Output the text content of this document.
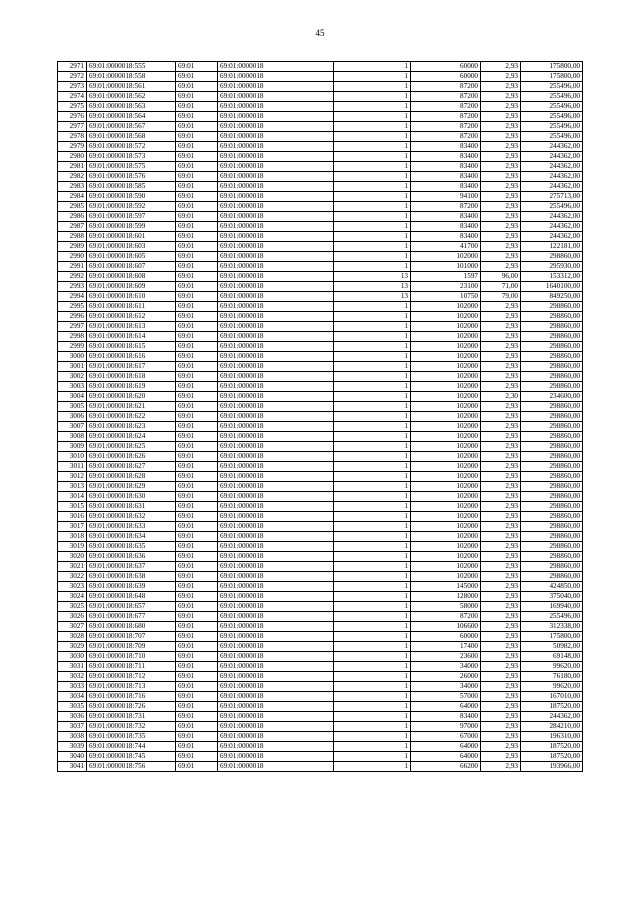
45
2971	69:01:0000018:555	69:01	69:01:0000018	1	60000	2,93	175800,00
2972	69:01:0000018:558	69:01	69:01:0000018	1	60000	2,93	175800,00
2973	69:01:0000018:561	69:01	69:01:0000018	1	87200	2,93	255496,00
2974	69:01:0000018:562	69:01	69:01:0000018	1	87200	2,93	255496,00
2975	69:01:0000018:563	69:01	69:01:0000018	1	87200	2,93	255496,00
2976	69:01:0000018:564	69:01	69:01:0000018	1	87200	2,93	255496,00
2977	69:01:0000018:567	69:01	69:01:0000018	1	87200	2,93	255496,00
2978	69:01:0000018:568	69:01	69:01:0000018	1	87200	2,93	255496,00
2979	69:01:0000018:572	69:01	69:01:0000018	1	83400	2,93	244362,00
2980	69:01:0000018:573	69:01	69:01:0000018	1	83400	2,93	244362,00
2981	69:01:0000018:575	69:01	69:01:0000018	1	83400	2,93	244362,00
2982	69:01:0000018:576	69:01	69:01:0000018	1	83400	2,93	244362,00
2983	69:01:0000018:585	69:01	69:01:0000018	1	83400	2,93	244362,00
2984	69:01:0000018:590	69:01	69:01:0000018	1	94100	2,93	275713,00
2985	69:01:0000018:592	69:01	69:01:0000018	1	87200	2,93	255496,00
2986	69:01:0000018:597	69:01	69:01:0000018	1	83400	2,93	244362,00
2987	69:01:0000018:599	69:01	69:01:0000018	1	83400	2,93	244362,00
2988	69:01:0000018:601	69:01	69:01:0000018	1	83400	2,93	244362,00
2989	69:01:0000018:603	69:01	69:01:0000018	1	41700	2,93	122181,00
2990	69:01:0000018:605	69:01	69:01:0000018	1	102000	2,93	298860,00
2991	69:01:0000018:607	69:01	69:01:0000018	1	101000	2,93	295930,00
2992	69:01:0000018:608	69:01	69:01:0000018	13	1597	96,00	153312,00
2993	69:01:0000018:609	69:01	69:01:0000018	13	23100	71,00	1640100,00
2994	69:01:0000018:610	69:01	69:01:0000018	13	10750	79,00	849250,00
2995	69:01:0000018:611	69:01	69:01:0000018	1	102000	2,93	298860,00
2996	69:01:0000018:612	69:01	69:01:0000018	1	102000	2,93	298860,00
2997	69:01:0000018:613	69:01	69:01:0000018	1	102000	2,93	298860,00
2998	69:01:0000018:614	69:01	69:01:0000018	1	102000	2,93	298860,00
2999	69:01:0000018:615	69:01	69:01:0000018	1	102000	2,93	298860,00
3000	69:01:0000018:616	69:01	69:01:0000018	1	102000	2,93	298860,00
3001	69:01:0000018:617	69:01	69:01:0000018	1	102000	2,93	298860,00
3002	69:01:0000018:618	69:01	69:01:0000018	1	102000	2,93	298860,00
3003	69:01:0000018:619	69:01	69:01:0000018	1	102000	2,93	298860,00
3004	69:01:0000018:620	69:01	69:01:0000018	1	102000	2,30	234600,00
3005	69:01:0000018:621	69:01	69:01:0000018	1	102000	2,93	298860,00
3006	69:01:0000018:622	69:01	69:01:0000018	1	102000	2,93	298860,00
3007	69:01:0000018:623	69:01	69:01:0000018	1	102000	2,93	298860,00
3008	69:01:0000018:624	69:01	69:01:0000018	1	102000	2,93	298860,00
3009	69:01:0000018:625	69:01	69:01:0000018	1	102000	2,93	298860,00
3010	69:01:0000018:626	69:01	69:01:0000018	1	102000	2,93	298860,00
3011	69:01:0000018:627	69:01	69:01:0000018	1	102000	2,93	298860,00
3012	69:01:0000018:628	69:01	69:01:0000018	1	102000	2,93	298860,00
3013	69:01:0000018:629	69:01	69:01:0000018	1	102000	2,93	298860,00
3014	69:01:0000018:630	69:01	69:01:0000018	1	102000	2,93	298860,00
3015	69:01:0000018:631	69:01	69:01:0000018	1	102000	2,93	298860,00
3016	69:01:0000018:632	69:01	69:01:0000018	1	102000	2,93	298860,00
3017	69:01:0000018:633	69:01	69:01:0000018	1	102000	2,93	298860,00
3018	69:01:0000018:634	69:01	69:01:0000018	1	102000	2,93	298860,00
3019	69:01:0000018:635	69:01	69:01:0000018	1	102000	2,93	298860,00
3020	69:01:0000018:636	69:01	69:01:0000018	1	102000	2,93	298860,00
3021	69:01:0000018:637	69:01	69:01:0000018	1	102000	2,93	298860,00
3022	69:01:0000018:638	69:01	69:01:0000018	1	102000	2,93	298860,00
3023	69:01:0000018:639	69:01	69:01:0000018	1	145000	2,93	424850,00
3024	69:01:0000018:648	69:01	69:01:0000018	1	128000	2,93	375040,00
3025	69:01:0000018:657	69:01	69:01:0000018	1	58000	2,93	169940,00
3026	69:01:0000018:677	69:01	69:01:0000018	1	87200	2,93	255496,00
3027	69:01:0000018:680	69:01	69:01:0000018	1	106600	2,93	312338,00
3028	69:01:0000018:707	69:01	69:01:0000018	1	60000	2,93	175800,00
3029	69:01:0000018:709	69:01	69:01:0000018	1	17400	2,93	50982,00
3030	69:01:0000018:710	69:01	69:01:0000018	1	23600	2,93	69148,00
3031	69:01:0000018:711	69:01	69:01:0000018	1	34000	2,93	99620,00
3032	69:01:0000018:712	69:01	69:01:0000018	1	26000	2,93	76180,00
3033	69:01:0000018:713	69:01	69:01:0000018	1	34000	2,93	99620,00
3034	69:01:0000018:716	69:01	69:01:0000018	1	57000	2,93	167010,00
3035	69:01:0000018:726	69:01	69:01:0000018	1	64000	2,93	187520,00
3036	69:01:0000018:731	69:01	69:01:0000018	1	83400	2,93	244362,00
3037	69:01:0000018:732	69:01	69:01:0000018	1	97000	2,93	284210,00
3038	69:01:0000018:735	69:01	69:01:0000018	1	67000	2,93	196310,00
3039	69:01:0000018:744	69:01	69:01:0000018	1	64000	2,93	187520,00
3040	69:01:0000018:745	69:01	69:01:0000018	1	64000	2,93	187520,00
3041	69:01:0000018:756	69:01	69:01:0000018	1	66200	2,93	193966,00
